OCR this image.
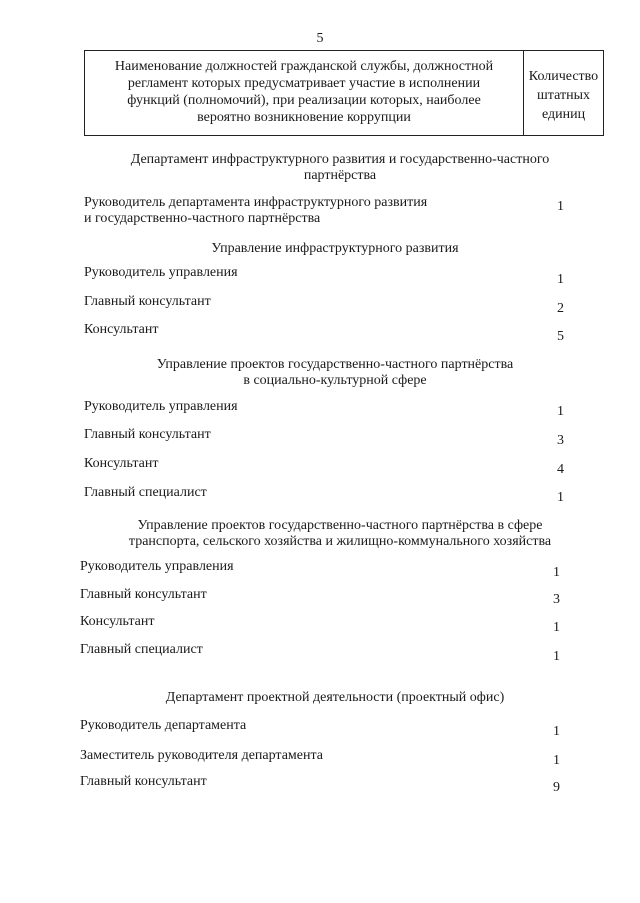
5
Наименование должностей гражданской службы, должностной
регламент которых предусматривает участие в исполнении
функций (полномочий), при реализации которых, наиболее
вероятно возникновение коррупции
Количество
штатных
единиц
Департамент инфраструктурного развития и государственно-частного
партнёрства
Руководитель департамента инфраструктурного развития
и государственно-частного партнёрства
1
Управление инфраструктурного развития
Руководитель управления	1
Главный консультант	2
Консультант	5
Управление проектов государственно-частного партнёрства
в социально-культурной сфере
Руководитель управления	1
Главный консультант	3
Консультант	4
Главный специалист	1
Управление проектов государственно-частного партнёрства в сфере
транспорта, сельского хозяйства и жилищно-коммунального хозяйства
Руководитель управления	1
Главный консультант	3
Консультант	1
Главный специалист	1
Департамент проектной деятельности (проектный офис)
Руководитель департамента	1
Заместитель руководителя департамента	1
Главный консультант	9
